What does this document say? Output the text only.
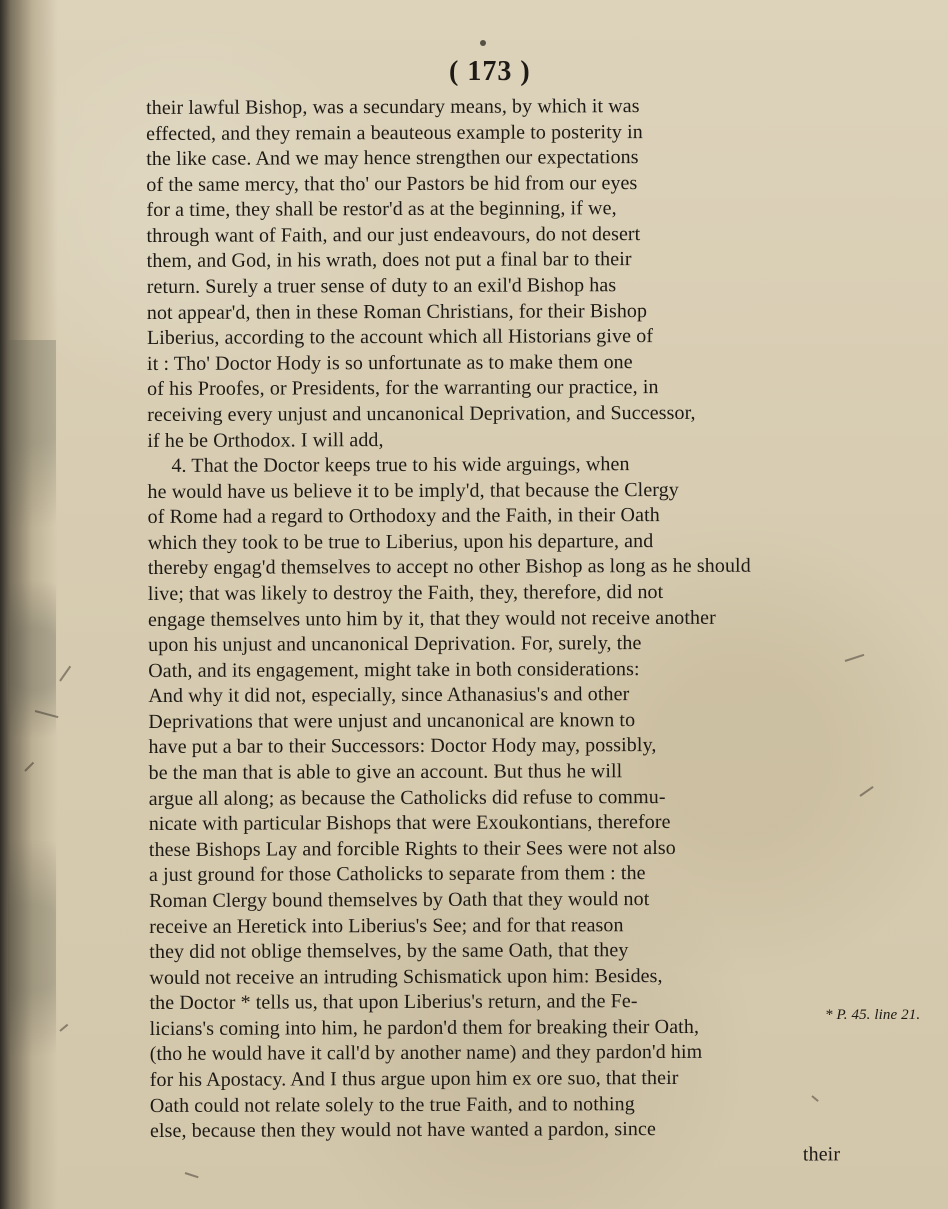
( 173 )
their lawful Bishop, was a secundary means, by which it was
effected, and they remain a beauteous example to posterity in
the like case. And we may hence strengthen our expectations
of the same mercy, that tho' our Pastors be hid from our eyes
for a time, they shall be restor'd as at the beginning, if we,
through want of Faith, and our just endeavours, do not desert
them, and God, in his wrath, does not put a final bar to their
return. Surely a truer sense of duty to an exil'd Bishop has
not appear'd, then in these Roman Christians, for their Bishop
Liberius, according to the account which all Historians give of
it : Tho' Doctor Hody is so unfortunate as to make them one
of his Proofes, or Presidents, for the warranting our practice, in
receiving every unjust and uncanonical Deprivation, and Successor,
if he be Orthodox. I will add,
4. That the Doctor keeps true to his wide arguings, when
he would have us believe it to be imply'd, that because the Clergy
of Rome had a regard to Orthodoxy and the Faith, in their Oath
which they took to be true to Liberius, upon his departure, and
thereby engag'd themselves to accept no other Bishop as long as he should
live; that was likely to destroy the Faith, they, therefore, did not
engage themselves unto him by it, that they would not receive another
upon his unjust and uncanonical Deprivation. For, surely, the
Oath, and its engagement, might take in both considerations:
And why it did not, especially, since Athanasius's and other
Deprivations that were unjust and uncanonical are known to
have put a bar to their Successors: Doctor Hody may, possibly,
be the man that is able to give an account. But thus he will
argue all along; as because the Catholicks did refuse to commu-
nicate with particular Bishops that were Exoukontians, therefore
these Bishops Lay and forcible Rights to their Sees were not also
a just ground for those Catholicks to separate from them : the
Roman Clergy bound themselves by Oath that they would not
receive an Heretick into Liberius's See; and for that reason
they did not oblige themselves, by the same Oath, that they
would not receive an intruding Schismatick upon him: Besides,
the Doctor * tells us, that upon Liberius's return, and the Fe-
licians's coming into him, he pardon'd them for breaking their Oath,
(tho he would have it call'd by another name) and they pardon'd him
for his Apostacy. And I thus argue upon him ex ore suo, that their
Oath could not relate solely to the true Faith, and to nothing
else, because then they would not have wanted a pardon, since
their
* P. 45. line 21.
